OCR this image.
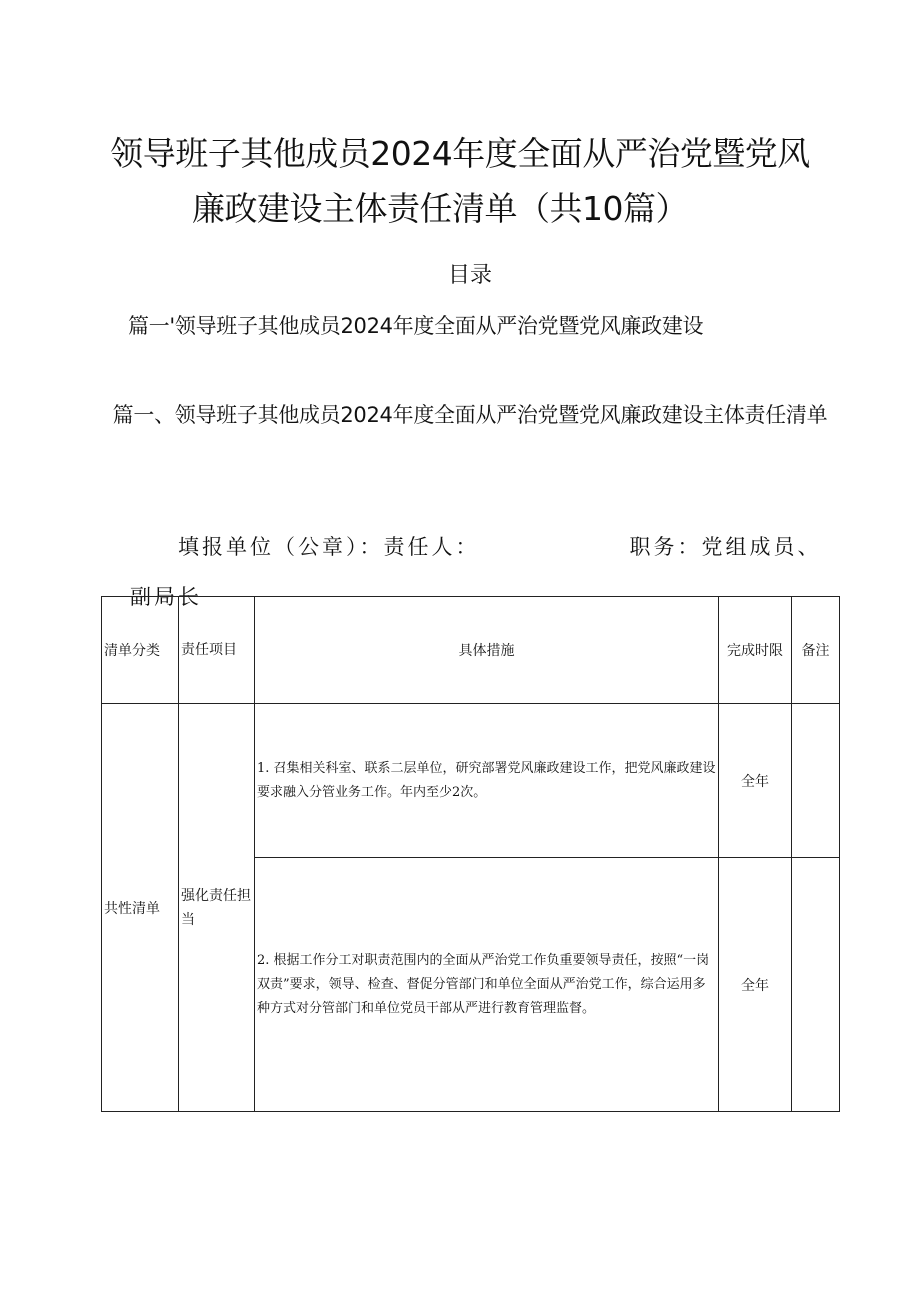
领导班子其他成员2024年度全面从严治党暨党风
廉政建设主体责任清单（共10篇）
目录
篇一'领导班子其他成员2024年度全面从严治党暨党风廉政建设
篇一、领导班子其他成员2024年度全面从严治党暨党风廉政建设主体责任清单
填报单位（公章）：责任人：	职务：党组成员、副局长
清单分类	责任项目	具体措施	完成时限	备注
共性清单	强化责任担当	1. 召集相关科室、联系二层单位，研究部署党风廉政建设工作，把党风廉政建设要求融入分管业务工作。年内至少2次。	全年	
		2. 根据工作分工对职责范围内的全面从严治党工作负重要领导责任，按照“一岗双责”要求，领导、检查、督促分管部门和单位全面从严治党工作，综合运用多种方式对分管部门和单位党员干部从严进行教育管理监督。	全年	
